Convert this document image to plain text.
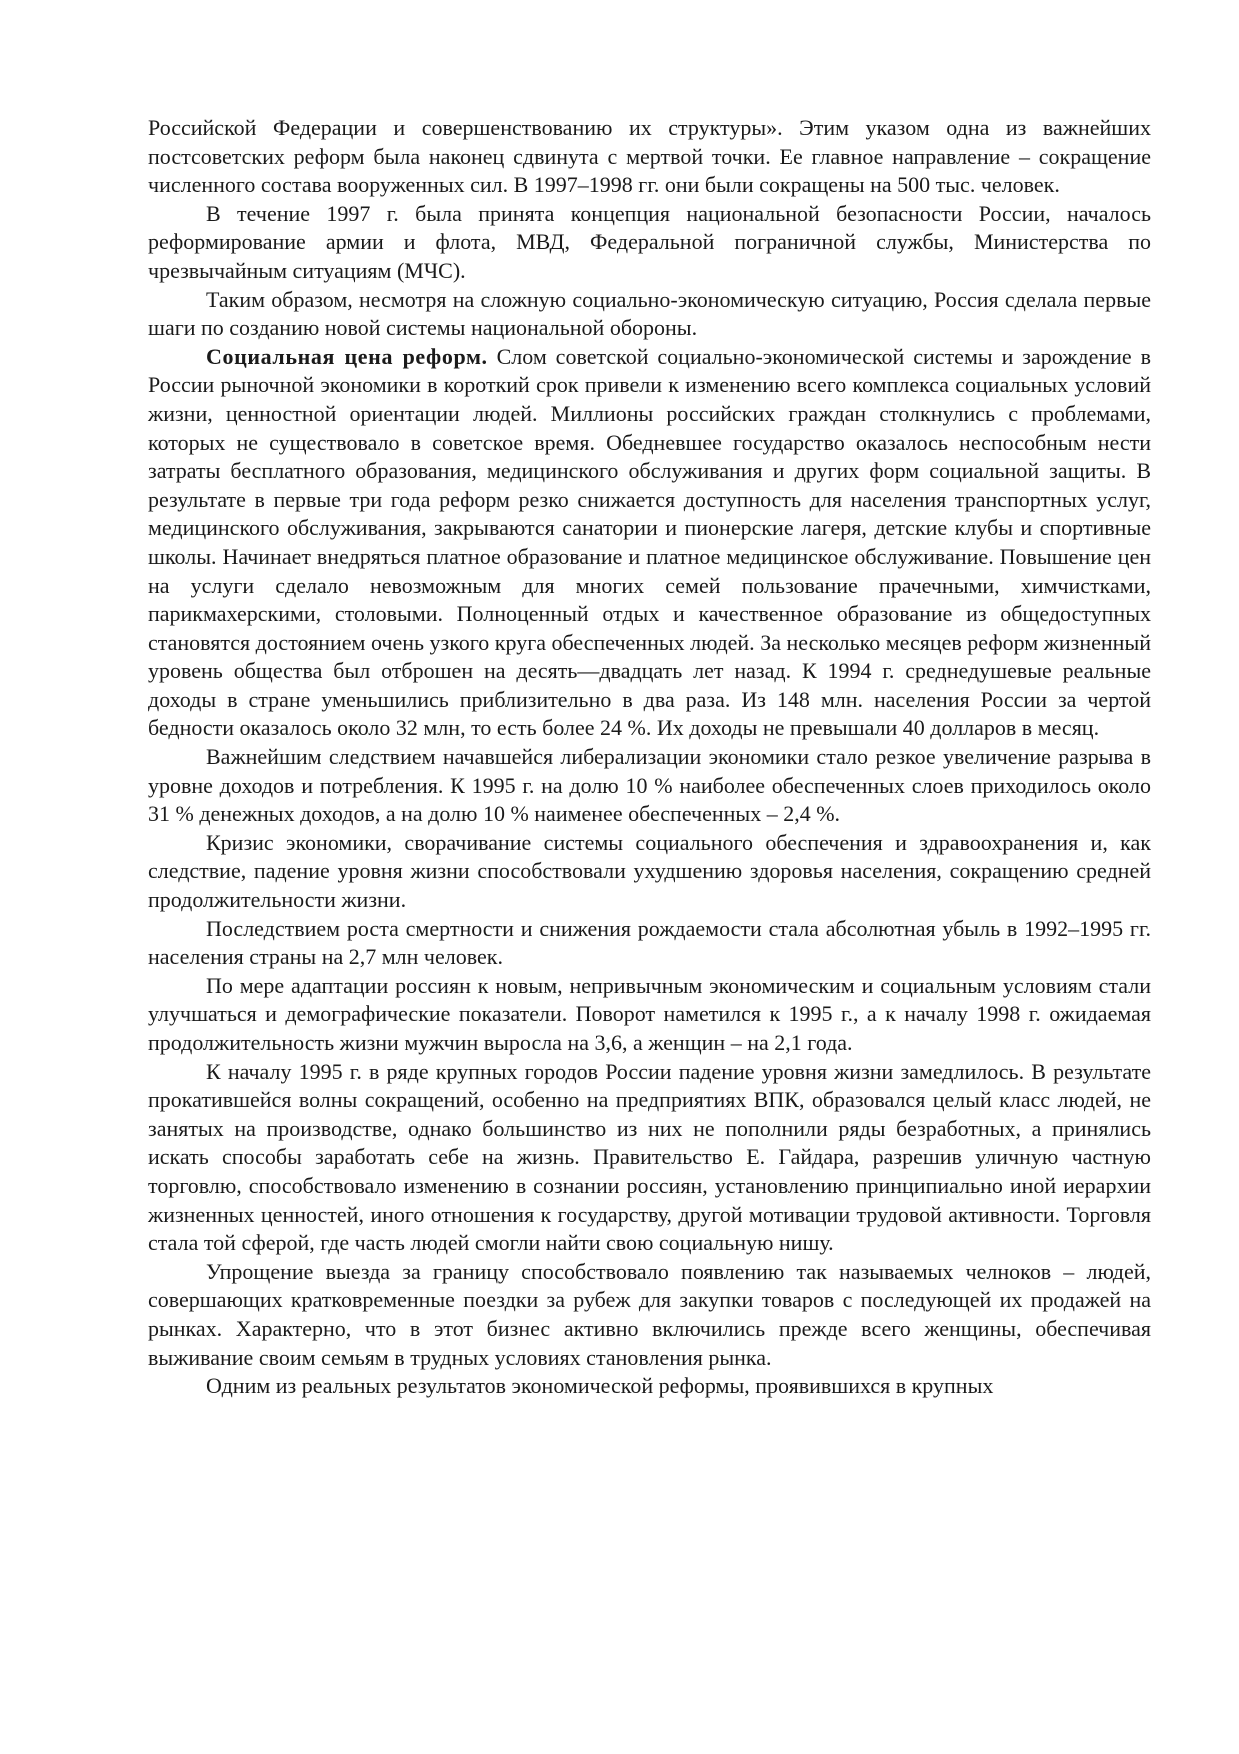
Российской Федерации и совершенствованию их структуры». Этим указом одна из важнейших постсоветских реформ была наконец сдвинута с мертвой точки. Ее главное направление – сокращение численного состава вооруженных сил. В 1997–1998 гг. они были сокращены на 500 тыс. человек.

В течение 1997 г. была принята концепция национальной безопасности России, началось реформирование армии и флота, МВД, Федеральной пограничной службы, Министерства по чрезвычайным ситуациям (МЧС).

Таким образом, несмотря на сложную социально-экономическую ситуацию, Россия сделала первые шаги по созданию новой системы национальной обороны.

Социальная цена реформ. Слом советской социально-экономической системы и зарождение в России рыночной экономики в короткий срок привели к изменению всего комплекса социальных условий жизни, ценностной ориентации людей. Миллионы российских граждан столкнулись с проблемами, которых не существовало в советское время. Обедневшее государство оказалось неспособным нести затраты бесплатного образования, медицинского обслуживания и других форм социальной защиты. В результате в первые три года реформ резко снижается доступность для населения транспортных услуг, медицинского обслуживания, закрываются санатории и пионерские лагеря, детские клубы и спортивные школы. Начинает внедряться платное образование и платное медицинское обслуживание. Повышение цен на услуги сделало невозможным для многих семей пользование прачечными, химчистками, парикмахерскими, столовыми. Полноценный отдых и качественное образование из общедоступных становятся достоянием очень узкого круга обеспеченных людей. За несколько месяцев реформ жизненный уровень общества был отброшен на десять—двадцать лет назад. К 1994 г. среднедушевые реальные доходы в стране уменьшились приблизительно в два раза. Из 148 млн. населения России за чертой бедности оказалось около 32 млн, то есть более 24 %. Их доходы не превышали 40 долларов в месяц.

Важнейшим следствием начавшейся либерализации экономики стало резкое увеличение разрыва в уровне доходов и потребления. К 1995 г. на долю 10 % наиболее обеспеченных слоев приходилось около 31 % денежных доходов, а на долю 10 % наименее обеспеченных – 2,4 %.

Кризис экономики, сворачивание системы социального обеспечения и здравоохранения и, как следствие, падение уровня жизни способствовали ухудшению здоровья населения, сокращению средней продолжительности жизни.

Последствием роста смертности и снижения рождаемости стала абсолютная убыль в 1992–1995 гг. населения страны на 2,7 млн человек.

По мере адаптации россиян к новым, непривычным экономическим и социальным условиям стали улучшаться и демографические показатели. Поворот наметился к 1995 г., а к началу 1998 г. ожидаемая продолжительность жизни мужчин выросла на 3,6, а женщин – на 2,1 года.

К началу 1995 г. в ряде крупных городов России падение уровня жизни замедлилось. В результате прокатившейся волны сокращений, особенно на предприятиях ВПК, образовался целый класс людей, не занятых на производстве, однако большинство из них не пополнили ряды безработных, а принялись искать способы заработать себе на жизнь. Правительство Е. Гайдара, разрешив уличную частную торговлю, способствовало изменению в сознании россиян, установлению принципиально иной иерархии жизненных ценностей, иного отношения к государству, другой мотивации трудовой активности. Торговля стала той сферой, где часть людей смогли найти свою социальную нишу.

Упрощение выезда за границу способствовало появлению так называемых челноков – людей, совершающих кратковременные поездки за рубеж для закупки товаров с последующей их продажей на рынках. Характерно, что в этот бизнес активно включились прежде всего женщины, обеспечивая выживание своим семьям в трудных условиях становления рынка.

Одним из реальных результатов экономической реформы, проявившихся в крупных
